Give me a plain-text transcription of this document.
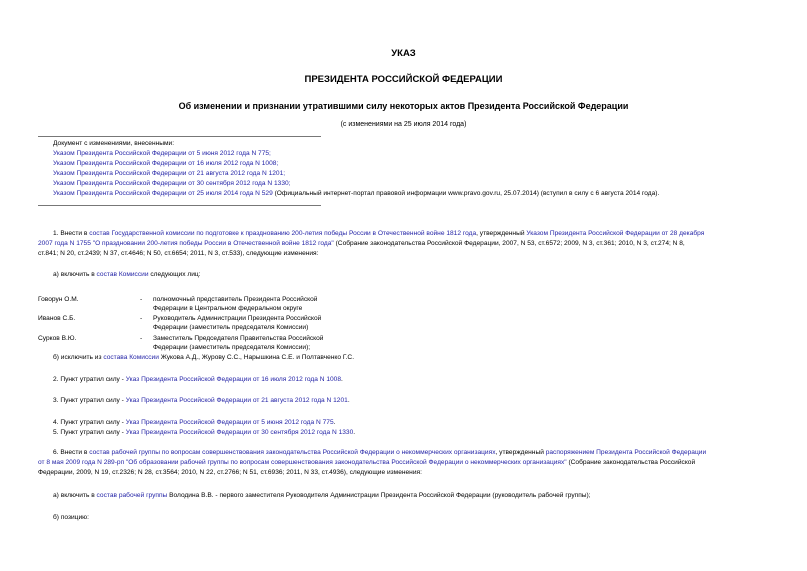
УКАЗ
ПРЕЗИДЕНТА РОССИЙСКОЙ ФЕДЕРАЦИИ
Об изменении и признании утратившими силу некоторых актов Президента Российской Федерации
(с изменениями на 25 июля 2014 года)
Документ с изменениями, внесенными:
Указом Президента Российской Федерации от 5 июня 2012 года N 775;
Указом Президента Российской Федерации от 16 июля 2012 года N 1008;
Указом Президента Российской Федерации от 21 августа 2012 года N 1201;
Указом Президента Российской Федерации от 30 сентября 2012 года N 1330;
Указом Президента Российской Федерации от 25 июля 2014 года N 529 (Официальный интернет-портал правовой информации www.pravo.gov.ru, 25.07.2014) (вступил в силу с 6 августа 2014 года).
1. Внести в состав Государственной комиссии по подготовке к празднованию 200-летия победы России в Отечественной войне 1812 года, утвержденный Указом Президента Российской Федерации от 28 декабря
2007 года N 1755 "О праздновании 200-летия победы России в Отечественной войне 1812 года" (Собрание законодательства Российской Федерации, 2007, N 53, ст.6572; 2009, N 3, ст.361; 2010, N 3, ст.274; N 8,
ст.841; N 20, ст.2439; N 37, ст.4646; N 50, ст.6654; 2011, N 3, ст.533), следующие изменения:
а) включить в состав Комиссии следующих лиц:
Говорун О.М.	- полномочный представитель Президента Российской
Федерации в Центральном федеральном округе
Иванов С.Б.	- Руководитель Администрации Президента Российской
Федерации (заместитель председателя Комиссии)
Сурков В.Ю.	- Заместитель Председателя Правительства Российской
Федерации (заместитель председателя Комиссии);
б) исключить из состава Комиссии Жукова А.Д., Журову С.С., Нарышкина С.Е. и Полтавченко Г.С.
2. Пункт утратил силу - Указ Президента Российской Федерации от 16 июля 2012 года N 1008.
3. Пункт утратил силу - Указ Президента Российской Федерации от 21 августа 2012 года N 1201.
4. Пункт утратил силу - Указ Президента Российской Федерации от 5 июня 2012 года N 775.
5. Пункт утратил силу - Указ Президента Российской Федерации от 30 сентября 2012 года N 1330.
6. Внести в состав рабочей группы по вопросам совершенствования законодательства Российской Федерации о некоммерческих организациях, утвержденный распоряжением Президента Российской Федерации
от 8 мая 2009 года N 289-рп "Об образовании рабочей группы по вопросам совершенствования законодательства Российской Федерации о некоммерческих организациях" (Собрание законодательства Российской
Федерации, 2009, N 19, ст.2326; N 28, ст.3564; 2010, N 22, ст.2766; N 51, ст.6936; 2011, N 33, ст.4936), следующие изменения:
а) включить в состав рабочей группы Володина В.В. - первого заместителя Руководителя Администрации Президента Российской Федерации (руководитель рабочей группы);
б) позицию:
